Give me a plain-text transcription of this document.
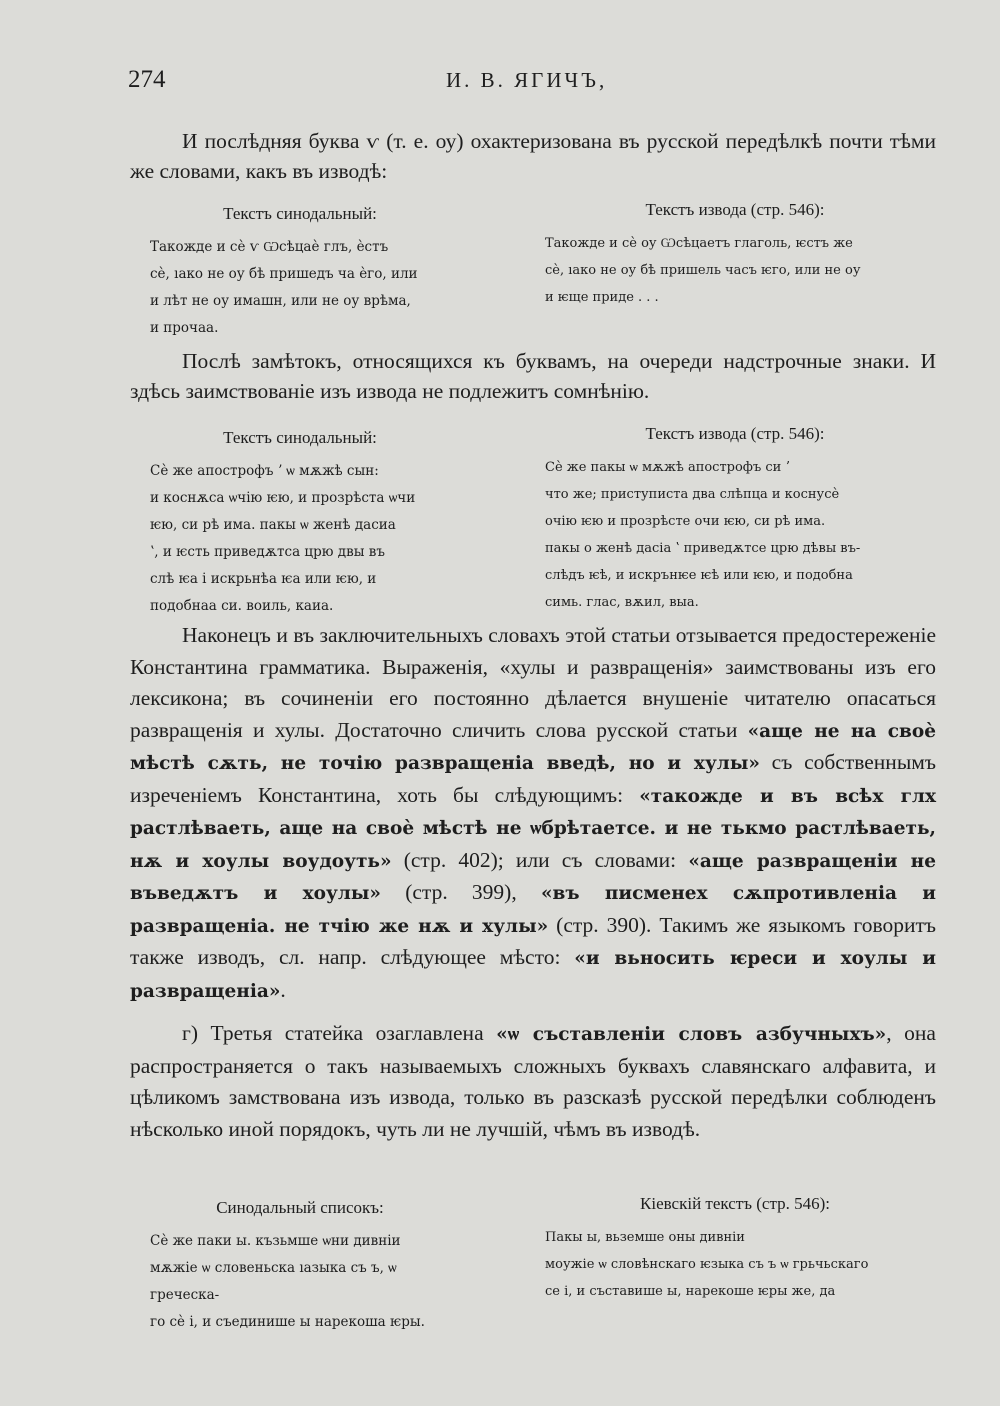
274	И. В. ЯГИЧЪ,

И послѣдняя буква ѵ (т. е. оу) охактеризована въ русской передѣлкѣ почти тѣми же словами, какъ въ изводѣ:

Текстъ синодальный:
Такожде и сѐ ѵ Ѡсѣцаѐ глъ, ѐстъ
сѐ, ıако не оу бѣ пришедъ ча ѐго, или
и лѣт не оу имашн, или не оу врѣма,
и прочаа.
Текстъ извода (стр. 546):
Такожде и сѐ оу Ѡсѣцаетъ глаголь, ѥстъ же
сѐ, ıако не оу бѣ пришель часъ ѥго, или не оу
и ѥще приде . . .

Послѣ замѣтокъ, относящихся къ буквамъ, на очереди надстрочные знаки. И здѣсь заимствованіе изъ извода не подлежитъ сомнѣнію.

Текстъ синодальный:
Сѐ же апострофъ ʼ ѡ мѫжѣ сын:
и коснѫса ѡчію ѥю, и прозрѣста ѡчи
ѥю, си рѣ има. пакы ѡ женѣ дасиа
ʽ, и ѥсть приведѫтса црю двы въ
слѣ ѥа і искрьнѣа ѥа или ѥю, и
подобнаа си. воиль, каиа.
Текстъ извода (стр. 546):
Сѐ же пакы ѡ мѫжѣ апострофъ си ʼ
что же; приступиста два слѣпца и коснусѐ
очію ѥю и прозрѣсте очи ѥю, си рѣ има.
пакы о женѣ дасіа ʽ приведѫтсе црю дѣвы въ-
слѣдъ ѥѣ, и искрънѥе ѥѣ или ѥю, и подобна
симь. глас, вѫил, выа.

Наконецъ и въ заключительныхъ словахъ этой статьи отзывается предостереженіе Константина грамматика. Выраженія, «хулы и развращенія» заимствованы изъ его лексикона; въ сочиненіи его постоянно дѣлается внушеніе читателю опасаться развращенія и хулы. Достаточно сличить слова русской статьи «аще не на своѐ мѣстѣ сѫть, не точію развращеніа введѣ, но и хулы» съ собственнымъ изреченіемъ Константина, хоть бы слѣдующимъ: «такожде и въ всѣх глх растлѣваеть, аще на своѐ мѣстѣ не ѡбрѣтаетсе. и не тькмо растлѣваеть, нѫ и хоулы воудоуть» (стр. 402); или съ словами: «аще развращеніи не въведѫтъ и хоулы» (стр. 399), «въ писменех сѫпротивленіа и развращеніа. не тчію же нѫ и хулы» (стр. 390). Такимъ же языкомъ говоритъ также изводъ, сл. напр. слѣдующее мѣсто: «и вьносить ѥреси и хоулы и развращеніа».

г) Третья статейка озаглавлена «ѡ съставленіи словъ азбучныхъ», она распространяется о такъ называемыхъ сложныхъ буквахъ славянскаго алфавита, и цѣликомъ замствована изъ извода, только въ разсказѣ русской передѣлки соблюденъ нѣсколько иной порядокъ, чуть ли не лучшій, чѣмъ въ изводѣ.

Синодальный списокъ:
Сѐ же паки ы. къзьмше ѡни дивніи
мѫжіе ѡ словеньска ıазыка съ ъ, ѡ греческа-
го сѐ і, и съединише ы нарекоша ѥры.
Кіевскій текстъ (стр. 546):
Пакы ы, вьземше оны дивніи
моужіе ѡ словѣнскаго ѥзыка съ ъ ѡ грьчьскаго
се і, и съставише ы, нарекоше ѥры же, да
